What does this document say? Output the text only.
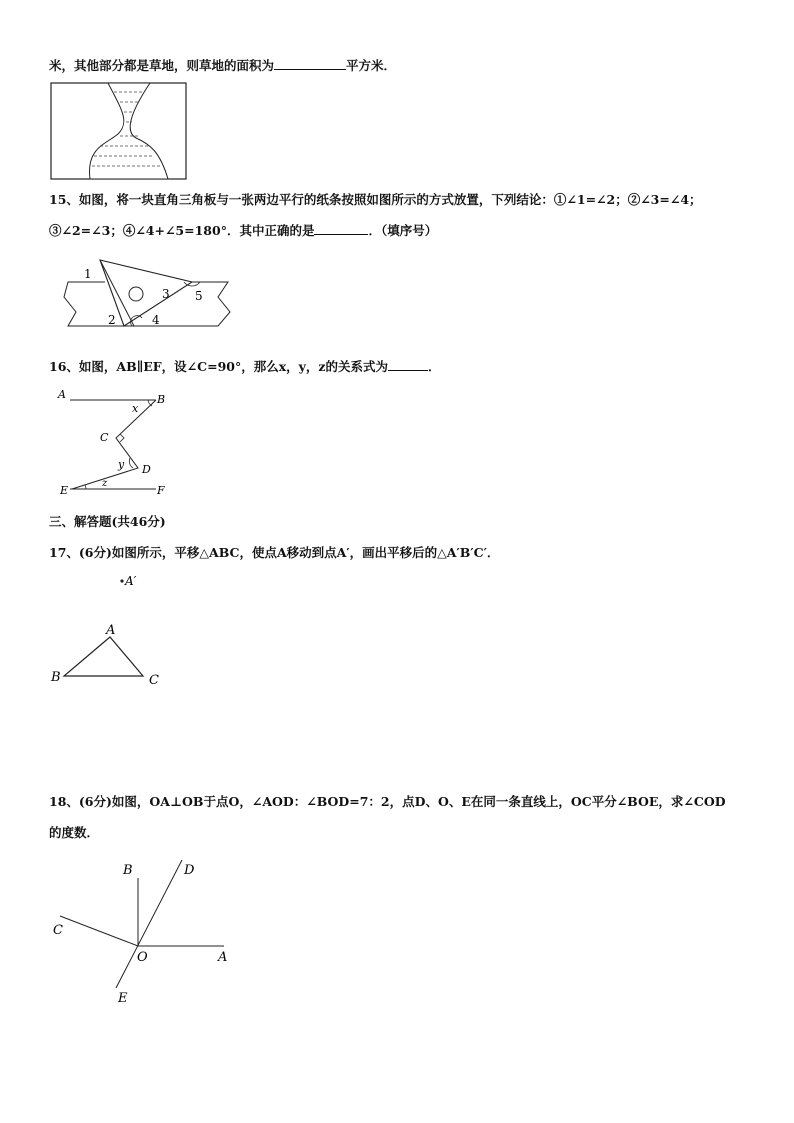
米，其他部分都是草地，则草地的面积为	平方米．
15、如图，将一块直角三角板与一张两边平行的纸条按照如图所示的方式放置，下列结论：①∠1=∠2；②∠3=∠4；
③∠2=∠3；④∠4+∠5=180°．其中正确的是	．（填序号）
1
2
3
4
5
16、如图，AB∥EF，设∠C=90°，那么x，y，z的关系式为	．
A	B
x
C
y D
z
E	F
三、解答题(共46分)
17、(6分)如图所示，平移△ABC，使点A移动到点A′，画出平移后的△A′B′C′．
A′
A
B	C
18、(6分)如图，OA⊥OB于点O，∠AOD：∠BOD=7：2，点D、O、E在同一条直线上，OC平分∠BOE，求∠COD
的度数．
B	D
C
O	A
E
